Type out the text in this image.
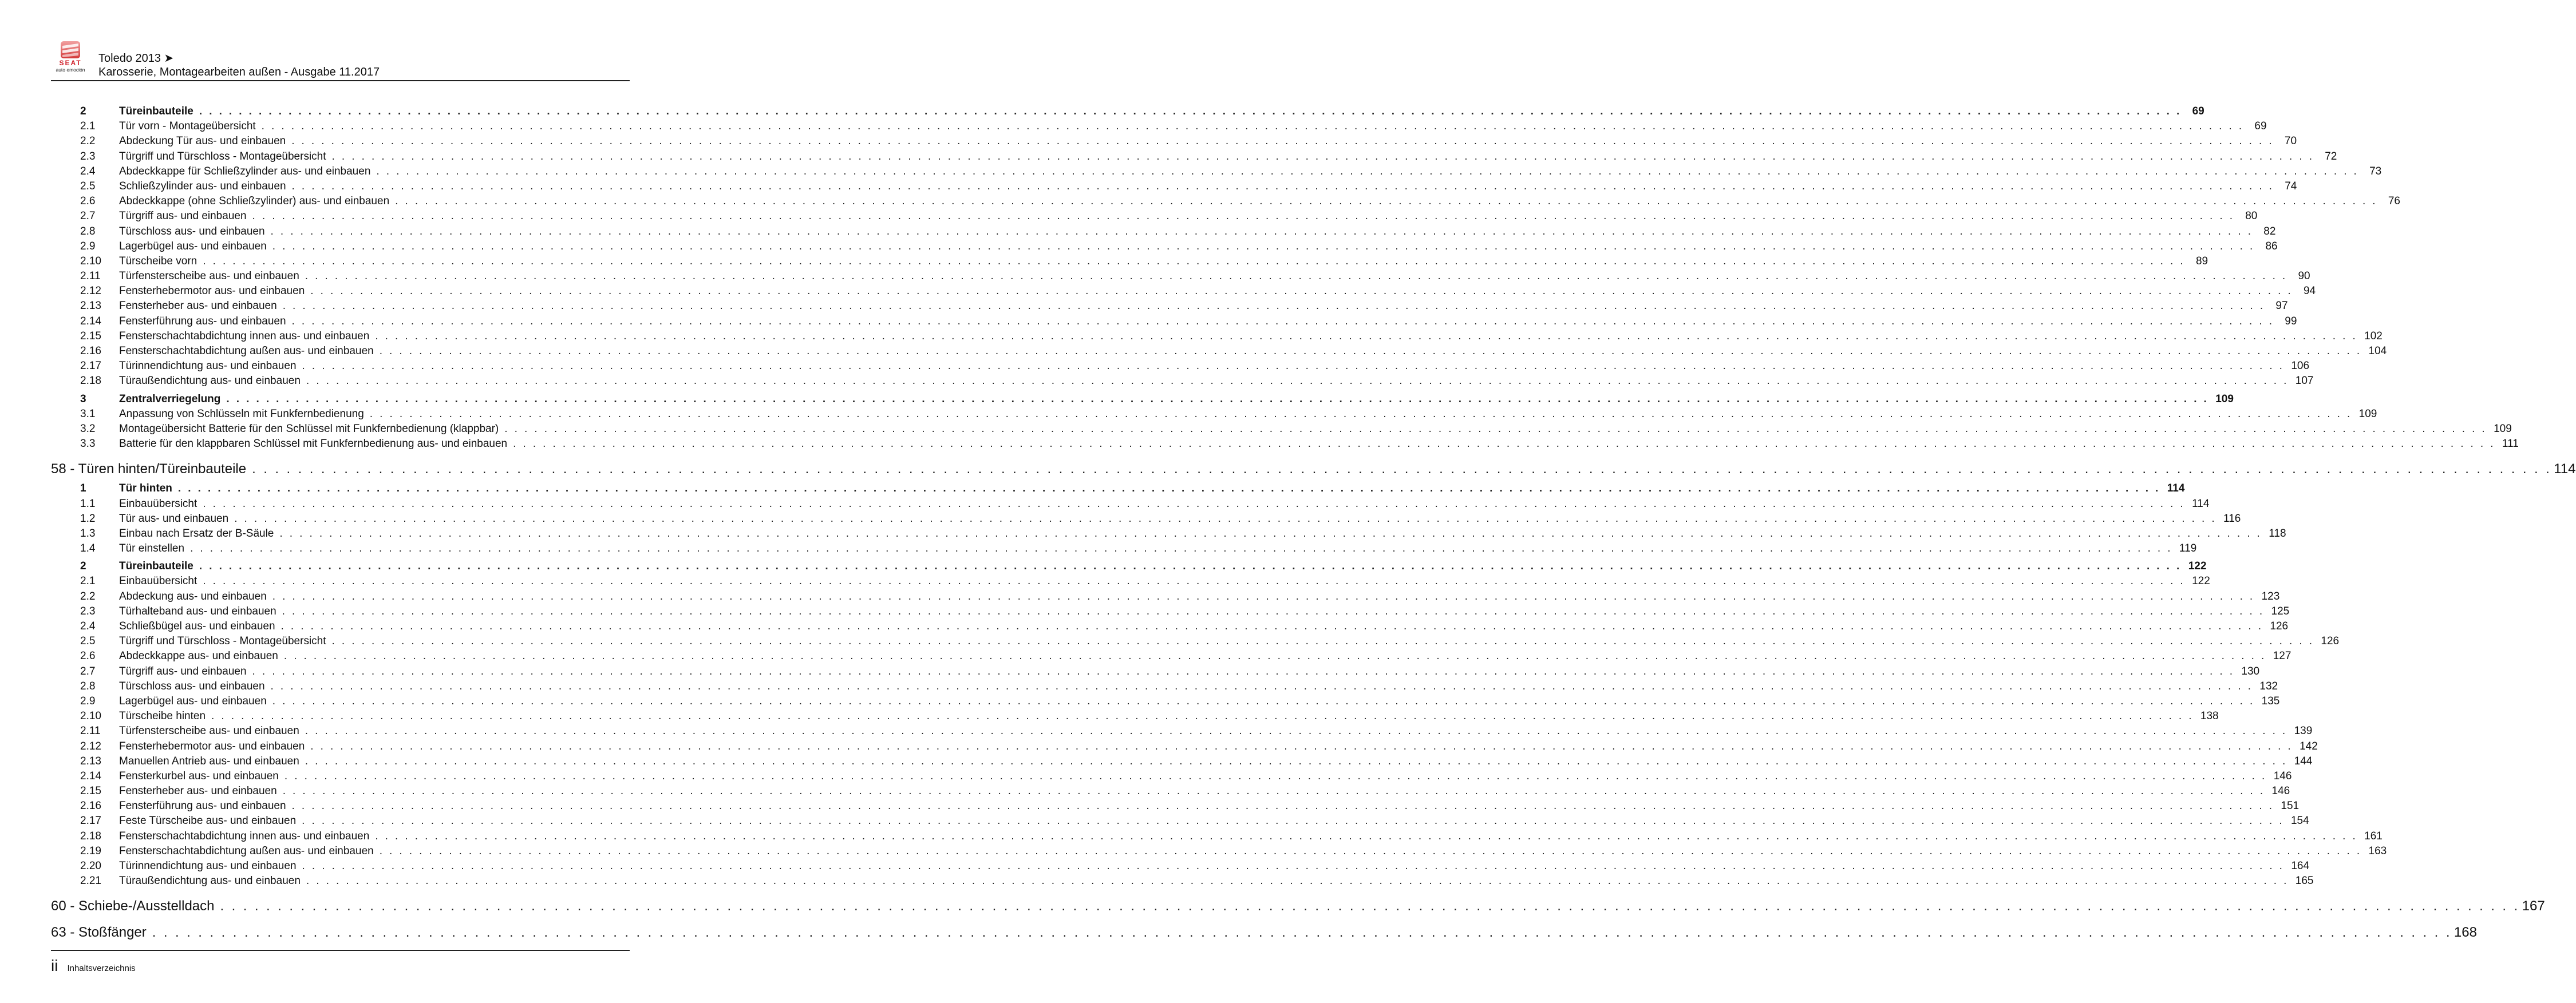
SEAT
auto emoción
Toledo 2013 ➤
Karosserie, Montagearbeiten außen - Ausgabe 11.2017
2	Türeinbauteile . . . . . . . . . . . . . . . . . . . . . . . . . . . . . . . . . . . . . . . . . . . . . . . . . . . . . . . . . . . . . . . . . . . . . . . . . . . . . . . . . . . . . . . . . . . . . . . . . . . . . . . . . . . . . . . . . . . . . . . . . . . . . . . . . . . . . . . . . . . . . . . . . . . . . . . . . . . . . . . . . . . . . . . . . . . . . . . . . . . . . . . . . . . . . . . . . . . . . . . . 69
2.1	Tür vorn - Montageübersicht . . . . . . . . . . . . . . . . . . . . . . . . . . . . . . . . . . . . . . . . . . . . . . . . . . . . . . . . . . . . . . . . . . . . . . . . . . . . . . . . . . . . . . . . . . . . . . . . . . . . . . . . . . . . . . . . . . . . . . . . . . . . . . . . . . . . . . . . . . . . . . . . . . . . . . . . . . . . . . . . . . . . . . . . . . . . . . . . . . . . . . . . . . . . . . . . . . . . . . . . 69
2.2	Abdeckung Tür aus- und einbauen . . . . . . . . . . . . . . . . . . . . . . . . . . . . . . . . . . . . . . . . . . . . . . . . . . . . . . . . . . . . . . . . . . . . . . . . . . . . . . . . . . . . . . . . . . . . . . . . . . . . . . . . . . . . . . . . . . . . . . . . . . . . . . . . . . . . . . . . . . . . . . . . . . . . . . . . . . . . . . . . . . . . . . . . . . . . . . . . . . . . . . . . . . . . . . . . . . . . . . . . 70
2.3	Türgriff und Türschloss - Montageübersicht . . . . . . . . . . . . . . . . . . . . . . . . . . . . . . . . . . . . . . . . . . . . . . . . . . . . . . . . . . . . . . . . . . . . . . . . . . . . . . . . . . . . . . . . . . . . . . . . . . . . . . . . . . . . . . . . . . . . . . . . . . . . . . . . . . . . . . . . . . . . . . . . . . . . . . . . . . . . . . . . . . . . . . . . . . . . . . . . . . . . . . . . . . . . . . . . . . . . . . . . 72
2.4	Abdeckkappe für Schließzylinder aus- und einbauen . . . . . . . . . . . . . . . . . . . . . . . . . . . . . . . . . . . . . . . . . . . . . . . . . . . . . . . . . . . . . . . . . . . . . . . . . . . . . . . . . . . . . . . . . . . . . . . . . . . . . . . . . . . . . . . . . . . . . . . . . . . . . . . . . . . . . . . . . . . . . . . . . . . . . . . . . . . . . . . . . . . . . . . . . . . . . . . . . . . . . . . . . . . . . . . . . . . . . . . . 73
2.5	Schließzylinder aus- und einbauen . . . . . . . . . . . . . . . . . . . . . . . . . . . . . . . . . . . . . . . . . . . . . . . . . . . . . . . . . . . . . . . . . . . . . . . . . . . . . . . . . . . . . . . . . . . . . . . . . . . . . . . . . . . . . . . . . . . . . . . . . . . . . . . . . . . . . . . . . . . . . . . . . . . . . . . . . . . . . . . . . . . . . . . . . . . . . . . . . . . . . . . . . . . . . . . . . . . . . . . . 74
2.6	Abdeckkappe (ohne Schließzylinder) aus- und einbauen . . . . . . . . . . . . . . . . . . . . . . . . . . . . . . . . . . . . . . . . . . . . . . . . . . . . . . . . . . . . . . . . . . . . . . . . . . . . . . . . . . . . . . . . . . . . . . . . . . . . . . . . . . . . . . . . . . . . . . . . . . . . . . . . . . . . . . . . . . . . . . . . . . . . . . . . . . . . . . . . . . . . . . . . . . . . . . . . . . . . . . . . . . . . . . . . . . . . . . . . 76
2.7	Türgriff aus- und einbauen . . . . . . . . . . . . . . . . . . . . . . . . . . . . . . . . . . . . . . . . . . . . . . . . . . . . . . . . . . . . . . . . . . . . . . . . . . . . . . . . . . . . . . . . . . . . . . . . . . . . . . . . . . . . . . . . . . . . . . . . . . . . . . . . . . . . . . . . . . . . . . . . . . . . . . . . . . . . . . . . . . . . . . . . . . . . . . . . . . . . . . . . . . . . . . . . . . . . . . . . 80
2.8	Türschloss aus- und einbauen . . . . . . . . . . . . . . . . . . . . . . . . . . . . . . . . . . . . . . . . . . . . . . . . . . . . . . . . . . . . . . . . . . . . . . . . . . . . . . . . . . . . . . . . . . . . . . . . . . . . . . . . . . . . . . . . . . . . . . . . . . . . . . . . . . . . . . . . . . . . . . . . . . . . . . . . . . . . . . . . . . . . . . . . . . . . . . . . . . . . . . . . . . . . . . . . . . . . . . . . 82
2.9	Lagerbügel aus- und einbauen . . . . . . . . . . . . . . . . . . . . . . . . . . . . . . . . . . . . . . . . . . . . . . . . . . . . . . . . . . . . . . . . . . . . . . . . . . . . . . . . . . . . . . . . . . . . . . . . . . . . . . . . . . . . . . . . . . . . . . . . . . . . . . . . . . . . . . . . . . . . . . . . . . . . . . . . . . . . . . . . . . . . . . . . . . . . . . . . . . . . . . . . . . . . . . . . . . . . . . . . 86
2.10	Türscheibe vorn . . . . . . . . . . . . . . . . . . . . . . . . . . . . . . . . . . . . . . . . . . . . . . . . . . . . . . . . . . . . . . . . . . . . . . . . . . . . . . . . . . . . . . . . . . . . . . . . . . . . . . . . . . . . . . . . . . . . . . . . . . . . . . . . . . . . . . . . . . . . . . . . . . . . . . . . . . . . . . . . . . . . . . . . . . . . . . . . . . . . . . . . . . . . . . . . . . . . . . . . 89
2.11	Türfensterscheibe aus- und einbauen . . . . . . . . . . . . . . . . . . . . . . . . . . . . . . . . . . . . . . . . . . . . . . . . . . . . . . . . . . . . . . . . . . . . . . . . . . . . . . . . . . . . . . . . . . . . . . . . . . . . . . . . . . . . . . . . . . . . . . . . . . . . . . . . . . . . . . . . . . . . . . . . . . . . . . . . . . . . . . . . . . . . . . . . . . . . . . . . . . . . . . . . . . . . . . . . . . . . . . . . 90
2.12	Fensterhebermotor aus- und einbauen . . . . . . . . . . . . . . . . . . . . . . . . . . . . . . . . . . . . . . . . . . . . . . . . . . . . . . . . . . . . . . . . . . . . . . . . . . . . . . . . . . . . . . . . . . . . . . . . . . . . . . . . . . . . . . . . . . . . . . . . . . . . . . . . . . . . . . . . . . . . . . . . . . . . . . . . . . . . . . . . . . . . . . . . . . . . . . . . . . . . . . . . . . . . . . . . . . . . . . . . 94
2.13	Fensterheber aus- und einbauen . . . . . . . . . . . . . . . . . . . . . . . . . . . . . . . . . . . . . . . . . . . . . . . . . . . . . . . . . . . . . . . . . . . . . . . . . . . . . . . . . . . . . . . . . . . . . . . . . . . . . . . . . . . . . . . . . . . . . . . . . . . . . . . . . . . . . . . . . . . . . . . . . . . . . . . . . . . . . . . . . . . . . . . . . . . . . . . . . . . . . . . . . . . . . . . . . . . . . . . . 97
2.14	Fensterführung aus- und einbauen . . . . . . . . . . . . . . . . . . . . . . . . . . . . . . . . . . . . . . . . . . . . . . . . . . . . . . . . . . . . . . . . . . . . . . . . . . . . . . . . . . . . . . . . . . . . . . . . . . . . . . . . . . . . . . . . . . . . . . . . . . . . . . . . . . . . . . . . . . . . . . . . . . . . . . . . . . . . . . . . . . . . . . . . . . . . . . . . . . . . . . . . . . . . . . . . . . . . . . . . 99
2.15	Fensterschachtabdichtung innen aus- und einbauen . . . . . . . . . . . . . . . . . . . . . . . . . . . . . . . . . . . . . . . . . . . . . . . . . . . . . . . . . . . . . . . . . . . . . . . . . . . . . . . . . . . . . . . . . . . . . . . . . . . . . . . . . . . . . . . . . . . . . . . . . . . . . . . . . . . . . . . . . . . . . . . . . . . . . . . . . . . . . . . . . . . . . . . . . . . . . . . . . . . . . . . . . . . . . . . . . . . . . . . . 102
2.16	Fensterschachtabdichtung außen aus- und einbauen . . . . . . . . . . . . . . . . . . . . . . . . . . . . . . . . . . . . . . . . . . . . . . . . . . . . . . . . . . . . . . . . . . . . . . . . . . . . . . . . . . . . . . . . . . . . . . . . . . . . . . . . . . . . . . . . . . . . . . . . . . . . . . . . . . . . . . . . . . . . . . . . . . . . . . . . . . . . . . . . . . . . . . . . . . . . . . . . . . . . . . . . . . . . . . . . . . . . . . . . 104
2.17	Türinnendichtung aus- und einbauen . . . . . . . . . . . . . . . . . . . . . . . . . . . . . . . . . . . . . . . . . . . . . . . . . . . . . . . . . . . . . . . . . . . . . . . . . . . . . . . . . . . . . . . . . . . . . . . . . . . . . . . . . . . . . . . . . . . . . . . . . . . . . . . . . . . . . . . . . . . . . . . . . . . . . . . . . . . . . . . . . . . . . . . . . . . . . . . . . . . . . . . . . . . . . . . . . . . . . . . . 106
2.18	Türaußendichtung aus- und einbauen . . . . . . . . . . . . . . . . . . . . . . . . . . . . . . . . . . . . . . . . . . . . . . . . . . . . . . . . . . . . . . . . . . . . . . . . . . . . . . . . . . . . . . . . . . . . . . . . . . . . . . . . . . . . . . . . . . . . . . . . . . . . . . . . . . . . . . . . . . . . . . . . . . . . . . . . . . . . . . . . . . . . . . . . . . . . . . . . . . . . . . . . . . . . . . . . . . . . . . . . 107
3	Zentralverriegelung . . . . . . . . . . . . . . . . . . . . . . . . . . . . . . . . . . . . . . . . . . . . . . . . . . . . . . . . . . . . . . . . . . . . . . . . . . . . . . . . . . . . . . . . . . . . . . . . . . . . . . . . . . . . . . . . . . . . . . . . . . . . . . . . . . . . . . . . . . . . . . . . . . . . . . . . . . . . . . . . . . . . . . . . . . . . . . . . . . . . . . . . . . . . . . . . . . . . . . . . 109
3.1	Anpassung von Schlüsseln mit Funkfernbedienung . . . . . . . . . . . . . . . . . . . . . . . . . . . . . . . . . . . . . . . . . . . . . . . . . . . . . . . . . . . . . . . . . . . . . . . . . . . . . . . . . . . . . . . . . . . . . . . . . . . . . . . . . . . . . . . . . . . . . . . . . . . . . . . . . . . . . . . . . . . . . . . . . . . . . . . . . . . . . . . . . . . . . . . . . . . . . . . . . . . . . . . . . . . . . . . . . . . . . . . . 109
3.2	Montageübersicht Batterie für den Schlüssel mit Funkfernbedienung (klappbar) . . . . . . . . . . . . . . . . . . . . . . . . . . . . . . . . . . . . . . . . . . . . . . . . . . . . . . . . . . . . . . . . . . . . . . . . . . . . . . . . . . . . . . . . . . . . . . . . . . . . . . . . . . . . . . . . . . . . . . . . . . . . . . . . . . . . . . . . . . . . . . . . . . . . . . . . . . . . . . . . . . . . . . . . . . . . . . . . . . . . . . . . . . . . . . . . . . . . . . . . 109
3.3	Batterie für den klappbaren Schlüssel mit Funkfernbedienung aus- und einbauen . . . . . . . . . . . . . . . . . . . . . . . . . . . . . . . . . . . . . . . . . . . . . . . . . . . . . . . . . . . . . . . . . . . . . . . . . . . . . . . . . . . . . . . . . . . . . . . . . . . . . . . . . . . . . . . . . . . . . . . . . . . . . . . . . . . . . . . . . . . . . . . . . . . . . . . . . . . . . . . . . . . . . . . . . . . . . . . . . . . . . . . . . . . . . . . . . . . . . . . . 111
58 - Türen hinten/Türeinbauteile . . . . . . . . . . . . . . . . . . . . . . . . . . . . . . . . . . . . . . . . . . . . . . . . . . . . . . . . . . . . . . . . . . . . . . . . . . . . . . . . . . . . . . . . . . . . . . . . . . . . . . . . . . . . . . . . . . . . . . . . . . . . . . . . . . . . . . . . . . . . . . . . . . . . . . . . . . . . . . . . . . . . . . . . . . . . . . . . . . . . . . . . . . . . . . . . . . . . . . . . 114
1	Tür hinten . . . . . . . . . . . . . . . . . . . . . . . . . . . . . . . . . . . . . . . . . . . . . . . . . . . . . . . . . . . . . . . . . . . . . . . . . . . . . . . . . . . . . . . . . . . . . . . . . . . . . . . . . . . . . . . . . . . . . . . . . . . . . . . . . . . . . . . . . . . . . . . . . . . . . . . . . . . . . . . . . . . . . . . . . . . . . . . . . . . . . . . . . . . . . . . . . . . . . . . . 114
1.1	Einbauübersicht . . . . . . . . . . . . . . . . . . . . . . . . . . . . . . . . . . . . . . . . . . . . . . . . . . . . . . . . . . . . . . . . . . . . . . . . . . . . . . . . . . . . . . . . . . . . . . . . . . . . . . . . . . . . . . . . . . . . . . . . . . . . . . . . . . . . . . . . . . . . . . . . . . . . . . . . . . . . . . . . . . . . . . . . . . . . . . . . . . . . . . . . . . . . . . . . . . . . . . . . 114
1.2	Tür aus- und einbauen . . . . . . . . . . . . . . . . . . . . . . . . . . . . . . . . . . . . . . . . . . . . . . . . . . . . . . . . . . . . . . . . . . . . . . . . . . . . . . . . . . . . . . . . . . . . . . . . . . . . . . . . . . . . . . . . . . . . . . . . . . . . . . . . . . . . . . . . . . . . . . . . . . . . . . . . . . . . . . . . . . . . . . . . . . . . . . . . . . . . . . . . . . . . . . . . . . . . . . . . 116
1.3	Einbau nach Ersatz der B-Säule . . . . . . . . . . . . . . . . . . . . . . . . . . . . . . . . . . . . . . . . . . . . . . . . . . . . . . . . . . . . . . . . . . . . . . . . . . . . . . . . . . . . . . . . . . . . . . . . . . . . . . . . . . . . . . . . . . . . . . . . . . . . . . . . . . . . . . . . . . . . . . . . . . . . . . . . . . . . . . . . . . . . . . . . . . . . . . . . . . . . . . . . . . . . . . . . . . . . . . . . 118
1.4	Tür einstellen . . . . . . . . . . . . . . . . . . . . . . . . . . . . . . . . . . . . . . . . . . . . . . . . . . . . . . . . . . . . . . . . . . . . . . . . . . . . . . . . . . . . . . . . . . . . . . . . . . . . . . . . . . . . . . . . . . . . . . . . . . . . . . . . . . . . . . . . . . . . . . . . . . . . . . . . . . . . . . . . . . . . . . . . . . . . . . . . . . . . . . . . . . . . . . . . . . . . . . . . 119
2	Türeinbauteile . . . . . . . . . . . . . . . . . . . . . . . . . . . . . . . . . . . . . . . . . . . . . . . . . . . . . . . . . . . . . . . . . . . . . . . . . . . . . . . . . . . . . . . . . . . . . . . . . . . . . . . . . . . . . . . . . . . . . . . . . . . . . . . . . . . . . . . . . . . . . . . . . . . . . . . . . . . . . . . . . . . . . . . . . . . . . . . . . . . . . . . . . . . . . . . . . . . . . . . . 122
2.1	Einbauübersicht . . . . . . . . . . . . . . . . . . . . . . . . . . . . . . . . . . . . . . . . . . . . . . . . . . . . . . . . . . . . . . . . . . . . . . . . . . . . . . . . . . . . . . . . . . . . . . . . . . . . . . . . . . . . . . . . . . . . . . . . . . . . . . . . . . . . . . . . . . . . . . . . . . . . . . . . . . . . . . . . . . . . . . . . . . . . . . . . . . . . . . . . . . . . . . . . . . . . . . . . 122
2.2	Abdeckung aus- und einbauen . . . . . . . . . . . . . . . . . . . . . . . . . . . . . . . . . . . . . . . . . . . . . . . . . . . . . . . . . . . . . . . . . . . . . . . . . . . . . . . . . . . . . . . . . . . . . . . . . . . . . . . . . . . . . . . . . . . . . . . . . . . . . . . . . . . . . . . . . . . . . . . . . . . . . . . . . . . . . . . . . . . . . . . . . . . . . . . . . . . . . . . . . . . . . . . . . . . . . . . . 123
2.3	Türhalteband aus- und einbauen . . . . . . . . . . . . . . . . . . . . . . . . . . . . . . . . . . . . . . . . . . . . . . . . . . . . . . . . . . . . . . . . . . . . . . . . . . . . . . . . . . . . . . . . . . . . . . . . . . . . . . . . . . . . . . . . . . . . . . . . . . . . . . . . . . . . . . . . . . . . . . . . . . . . . . . . . . . . . . . . . . . . . . . . . . . . . . . . . . . . . . . . . . . . . . . . . . . . . . . . 125
2.4	Schließbügel aus- und einbauen . . . . . . . . . . . . . . . . . . . . . . . . . . . . . . . . . . . . . . . . . . . . . . . . . . . . . . . . . . . . . . . . . . . . . . . . . . . . . . . . . . . . . . . . . . . . . . . . . . . . . . . . . . . . . . . . . . . . . . . . . . . . . . . . . . . . . . . . . . . . . . . . . . . . . . . . . . . . . . . . . . . . . . . . . . . . . . . . . . . . . . . . . . . . . . . . . . . . . . . . 126
2.5	Türgriff und Türschloss - Montageübersicht . . . . . . . . . . . . . . . . . . . . . . . . . . . . . . . . . . . . . . . . . . . . . . . . . . . . . . . . . . . . . . . . . . . . . . . . . . . . . . . . . . . . . . . . . . . . . . . . . . . . . . . . . . . . . . . . . . . . . . . . . . . . . . . . . . . . . . . . . . . . . . . . . . . . . . . . . . . . . . . . . . . . . . . . . . . . . . . . . . . . . . . . . . . . . . . . . . . . . . . . 126
2.6	Abdeckkappe aus- und einbauen . . . . . . . . . . . . . . . . . . . . . . . . . . . . . . . . . . . . . . . . . . . . . . . . . . . . . . . . . . . . . . . . . . . . . . . . . . . . . . . . . . . . . . . . . . . . . . . . . . . . . . . . . . . . . . . . . . . . . . . . . . . . . . . . . . . . . . . . . . . . . . . . . . . . . . . . . . . . . . . . . . . . . . . . . . . . . . . . . . . . . . . . . . . . . . . . . . . . . . . . 127
2.7	Türgriff aus- und einbauen . . . . . . . . . . . . . . . . . . . . . . . . . . . . . . . . . . . . . . . . . . . . . . . . . . . . . . . . . . . . . . . . . . . . . . . . . . . . . . . . . . . . . . . . . . . . . . . . . . . . . . . . . . . . . . . . . . . . . . . . . . . . . . . . . . . . . . . . . . . . . . . . . . . . . . . . . . . . . . . . . . . . . . . . . . . . . . . . . . . . . . . . . . . . . . . . . . . . . . . . 130
2.8	Türschloss aus- und einbauen . . . . . . . . . . . . . . . . . . . . . . . . . . . . . . . . . . . . . . . . . . . . . . . . . . . . . . . . . . . . . . . . . . . . . . . . . . . . . . . . . . . . . . . . . . . . . . . . . . . . . . . . . . . . . . . . . . . . . . . . . . . . . . . . . . . . . . . . . . . . . . . . . . . . . . . . . . . . . . . . . . . . . . . . . . . . . . . . . . . . . . . . . . . . . . . . . . . . . . . . 132
2.9	Lagerbügel aus- und einbauen . . . . . . . . . . . . . . . . . . . . . . . . . . . . . . . . . . . . . . . . . . . . . . . . . . . . . . . . . . . . . . . . . . . . . . . . . . . . . . . . . . . . . . . . . . . . . . . . . . . . . . . . . . . . . . . . . . . . . . . . . . . . . . . . . . . . . . . . . . . . . . . . . . . . . . . . . . . . . . . . . . . . . . . . . . . . . . . . . . . . . . . . . . . . . . . . . . . . . . . . 135
2.10	Türscheibe hinten . . . . . . . . . . . . . . . . . . . . . . . . . . . . . . . . . . . . . . . . . . . . . . . . . . . . . . . . . . . . . . . . . . . . . . . . . . . . . . . . . . . . . . . . . . . . . . . . . . . . . . . . . . . . . . . . . . . . . . . . . . . . . . . . . . . . . . . . . . . . . . . . . . . . . . . . . . . . . . . . . . . . . . . . . . . . . . . . . . . . . . . . . . . . . . . . . . . . . . . . 138
2.11	Türfensterscheibe aus- und einbauen . . . . . . . . . . . . . . . . . . . . . . . . . . . . . . . . . . . . . . . . . . . . . . . . . . . . . . . . . . . . . . . . . . . . . . . . . . . . . . . . . . . . . . . . . . . . . . . . . . . . . . . . . . . . . . . . . . . . . . . . . . . . . . . . . . . . . . . . . . . . . . . . . . . . . . . . . . . . . . . . . . . . . . . . . . . . . . . . . . . . . . . . . . . . . . . . . . . . . . . . 139
2.12	Fensterhebermotor aus- und einbauen . . . . . . . . . . . . . . . . . . . . . . . . . . . . . . . . . . . . . . . . . . . . . . . . . . . . . . . . . . . . . . . . . . . . . . . . . . . . . . . . . . . . . . . . . . . . . . . . . . . . . . . . . . . . . . . . . . . . . . . . . . . . . . . . . . . . . . . . . . . . . . . . . . . . . . . . . . . . . . . . . . . . . . . . . . . . . . . . . . . . . . . . . . . . . . . . . . . . . . . . 142
2.13	Manuellen Antrieb aus- und einbauen . . . . . . . . . . . . . . . . . . . . . . . . . . . . . . . . . . . . . . . . . . . . . . . . . . . . . . . . . . . . . . . . . . . . . . . . . . . . . . . . . . . . . . . . . . . . . . . . . . . . . . . . . . . . . . . . . . . . . . . . . . . . . . . . . . . . . . . . . . . . . . . . . . . . . . . . . . . . . . . . . . . . . . . . . . . . . . . . . . . . . . . . . . . . . . . . . . . . . . . . 144
2.14	Fensterkurbel aus- und einbauen . . . . . . . . . . . . . . . . . . . . . . . . . . . . . . . . . . . . . . . . . . . . . . . . . . . . . . . . . . . . . . . . . . . . . . . . . . . . . . . . . . . . . . . . . . . . . . . . . . . . . . . . . . . . . . . . . . . . . . . . . . . . . . . . . . . . . . . . . . . . . . . . . . . . . . . . . . . . . . . . . . . . . . . . . . . . . . . . . . . . . . . . . . . . . . . . . . . . . . . . 146
2.15	Fensterheber aus- und einbauen . . . . . . . . . . . . . . . . . . . . . . . . . . . . . . . . . . . . . . . . . . . . . . . . . . . . . . . . . . . . . . . . . . . . . . . . . . . . . . . . . . . . . . . . . . . . . . . . . . . . . . . . . . . . . . . . . . . . . . . . . . . . . . . . . . . . . . . . . . . . . . . . . . . . . . . . . . . . . . . . . . . . . . . . . . . . . . . . . . . . . . . . . . . . . . . . . . . . . . . . 146
2.16	Fensterführung aus- und einbauen . . . . . . . . . . . . . . . . . . . . . . . . . . . . . . . . . . . . . . . . . . . . . . . . . . . . . . . . . . . . . . . . . . . . . . . . . . . . . . . . . . . . . . . . . . . . . . . . . . . . . . . . . . . . . . . . . . . . . . . . . . . . . . . . . . . . . . . . . . . . . . . . . . . . . . . . . . . . . . . . . . . . . . . . . . . . . . . . . . . . . . . . . . . . . . . . . . . . . . . . 151
2.17	Feste Türscheibe aus- und einbauen . . . . . . . . . . . . . . . . . . . . . . . . . . . . . . . . . . . . . . . . . . . . . . . . . . . . . . . . . . . . . . . . . . . . . . . . . . . . . . . . . . . . . . . . . . . . . . . . . . . . . . . . . . . . . . . . . . . . . . . . . . . . . . . . . . . . . . . . . . . . . . . . . . . . . . . . . . . . . . . . . . . . . . . . . . . . . . . . . . . . . . . . . . . . . . . . . . . . . . . . 154
2.18	Fensterschachtabdichtung innen aus- und einbauen . . . . . . . . . . . . . . . . . . . . . . . . . . . . . . . . . . . . . . . . . . . . . . . . . . . . . . . . . . . . . . . . . . . . . . . . . . . . . . . . . . . . . . . . . . . . . . . . . . . . . . . . . . . . . . . . . . . . . . . . . . . . . . . . . . . . . . . . . . . . . . . . . . . . . . . . . . . . . . . . . . . . . . . . . . . . . . . . . . . . . . . . . . . . . . . . . . . . . . . . 161
2.19	Fensterschachtabdichtung außen aus- und einbauen . . . . . . . . . . . . . . . . . . . . . . . . . . . . . . . . . . . . . . . . . . . . . . . . . . . . . . . . . . . . . . . . . . . . . . . . . . . . . . . . . . . . . . . . . . . . . . . . . . . . . . . . . . . . . . . . . . . . . . . . . . . . . . . . . . . . . . . . . . . . . . . . . . . . . . . . . . . . . . . . . . . . . . . . . . . . . . . . . . . . . . . . . . . . . . . . . . . . . . . . 163
2.20	Türinnendichtung aus- und einbauen . . . . . . . . . . . . . . . . . . . . . . . . . . . . . . . . . . . . . . . . . . . . . . . . . . . . . . . . . . . . . . . . . . . . . . . . . . . . . . . . . . . . . . . . . . . . . . . . . . . . . . . . . . . . . . . . . . . . . . . . . . . . . . . . . . . . . . . . . . . . . . . . . . . . . . . . . . . . . . . . . . . . . . . . . . . . . . . . . . . . . . . . . . . . . . . . . . . . . . . . 164
2.21	Türaußendichtung aus- und einbauen . . . . . . . . . . . . . . . . . . . . . . . . . . . . . . . . . . . . . . . . . . . . . . . . . . . . . . . . . . . . . . . . . . . . . . . . . . . . . . . . . . . . . . . . . . . . . . . . . . . . . . . . . . . . . . . . . . . . . . . . . . . . . . . . . . . . . . . . . . . . . . . . . . . . . . . . . . . . . . . . . . . . . . . . . . . . . . . . . . . . . . . . . . . . . . . . . . . . . . . . 165
60 - Schiebe-/Ausstelldach . . . . . . . . . . . . . . . . . . . . . . . . . . . . . . . . . . . . . . . . . . . . . . . . . . . . . . . . . . . . . . . . . . . . . . . . . . . . . . . . . . . . . . . . . . . . . . . . . . . . . . . . . . . . . . . . . . . . . . . . . . . . . . . . . . . . . . . . . . . . . . . . . . . . . . . . . . . . . . . . . . . . . . . . . . . . . . . . . . . . . . . . . . . . . . . . . . . . . . . . 167
63 - Stoßfänger . . . . . . . . . . . . . . . . . . . . . . . . . . . . . . . . . . . . . . . . . . . . . . . . . . . . . . . . . . . . . . . . . . . . . . . . . . . . . . . . . . . . . . . . . . . . . . . . . . . . . . . . . . . . . . . . . . . . . . . . . . . . . . . . . . . . . . . . . . . . . . . . . . . . . . . . . . . . . . . . . . . . . . . . . . . . . . . . . . . . . . . . . . . . . . . . . . . . . . . . 168
ii Inhaltsverzeichnis
